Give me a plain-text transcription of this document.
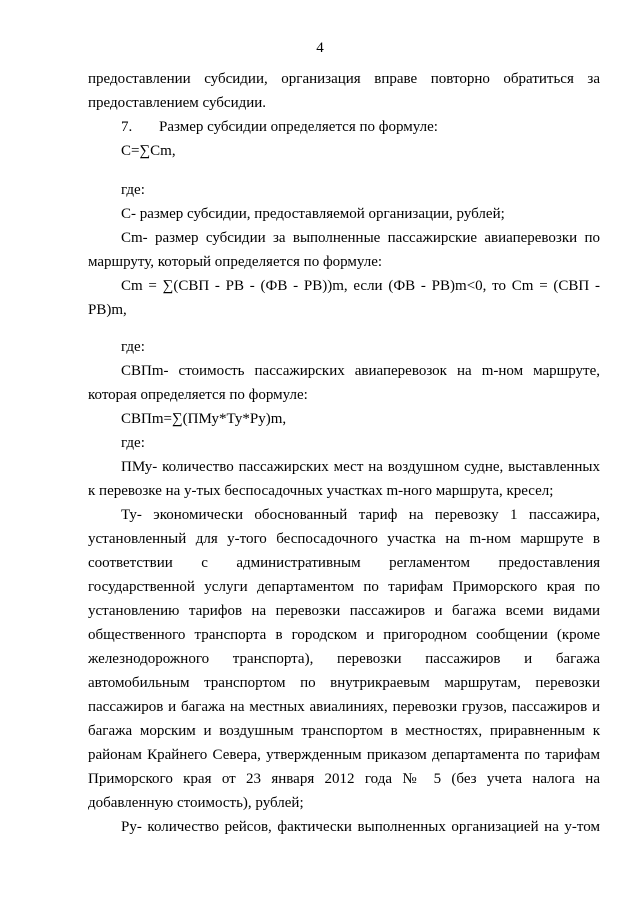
4
предоставлении субсидии, организация вправе повторно обратиться за
предоставлением субсидии.
7. Размер субсидии определяется по формуле:
С=∑Сm,
где:
С- размер субсидии, предоставляемой организации, рублей;
Сm- размер субсидии за выполненные пассажирские авиаперевозки по
маршруту, который определяется по формуле:
Сm = ∑(СВП - РВ - (ФВ - РВ))m, если (ФВ - РВ)m<0, то Сm = (СВП -
РВ)m,
где:
СВПm- стоимость пассажирских авиаперевозок на m-ном маршруте,
которая определяется по формуле:
СВПm=∑(ПМу*Ту*Ру)m,
где:
ПМу- количество пассажирских мест на воздушном судне, выставленных
к перевозке на у-тых беспосадочных участках m-ного маршрута, кресел;
Ту- экономически обоснованный тариф на перевозку 1 пассажира,
установленный для у-того беспосадочного участка на m-ном маршруте в
соответствии с административным регламентом предоставления
государственной услуги департаментом по тарифам Приморского края по
установлению тарифов на перевозки пассажиров и багажа всеми видами
общественного транспорта в городском и пригородном сообщении (кроме
железнодорожного транспорта), перевозки пассажиров и багажа
автомобильным транспортом по внутрикраевым маршрутам, перевозки
пассажиров и багажа на местных авиалиниях, перевозки грузов, пассажиров и
багажа морским и воздушным транспортом в местностях, приравненным к
районам Крайнего Севера, утвержденным приказом департамента по тарифам
Приморского края от 23 января 2012 года № 5 (без учета налога на
добавленную стоимость), рублей;
Ру- количество рейсов, фактически выполненных организацией на у-том
